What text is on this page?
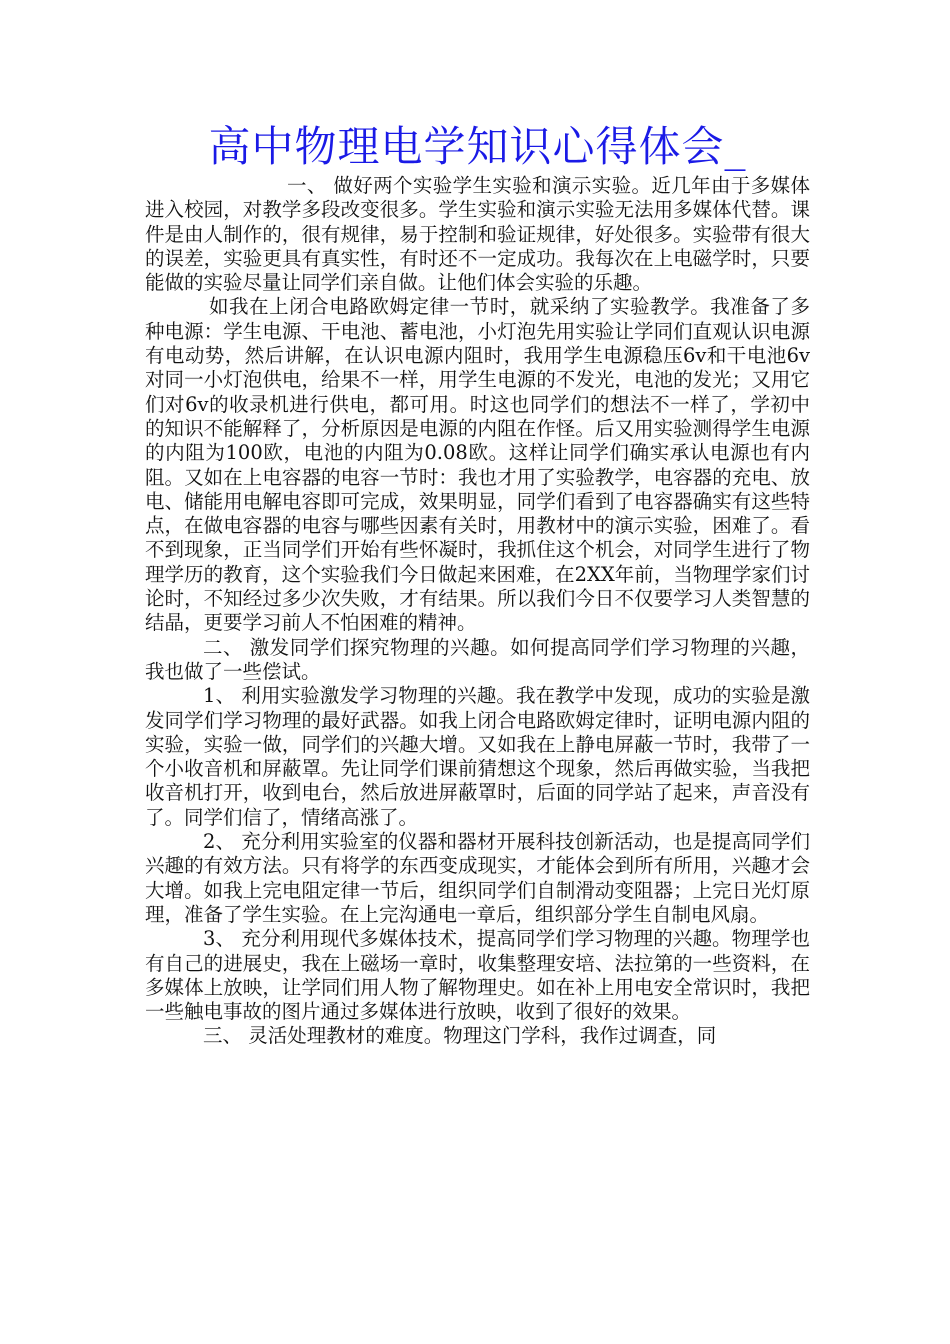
高中物理电学知识心得体会_

一、 做好两个实验学生实验和演示实验。近几年由于多媒体进入校园，对教学多段改变很多。学生实验和演示实验无法用多媒体代替。课件是由人制作的，很有规律，易于控制和验证规律，好处很多。实验带有很大的误差，实验更具有真实性，有时还不一定成功。我每次在上电磁学时，只要能做的实验尽量让同学们亲自做。让他们体会实验的乐趣。

如我在上闭合电路欧姆定律一节时，就采纳了实验教学。我准备了多种电源：学生电源、干电池、蓄电池，小灯泡先用实验让学同们直观认识电源有电动势，然后讲解，在认识电源内阻时，我用学生电源稳压6v和干电池6v对同一小灯泡供电，给果不一样，用学生电源的不发光，电池的发光；又用它们对6v的收录机进行供电，都可用。时这也同学们的想法不一样了，学初中的知识不能解释了，分析原因是电源的内阻在作怪。后又用实验测得学生电源的内阻为100欧，电池的内阻为0.08欧。这样让同学们确实承认电源也有内阻。又如在上电容器的电容一节时：我也才用了实验教学，电容器的充电、放电、储能用电解电容即可完成，效果明显，同学们看到了电容器确实有这些特点，在做电容器的电容与哪些因素有关时，用教材中的演示实验，困难了。看不到现象，正当同学们开始有些怀凝时，我抓住这个机会，对同学生进行了物理学历的教育，这个实验我们今日做起来困难，在2XX年前，当物理学家们讨论时，不知经过多少次失败，才有结果。所以我们今日不仅要学习人类智慧的结晶，更要学习前人不怕困难的精神。

二、 激发同学们探究物理的兴趣。如何提高同学们学习物理的兴趣，我也做了一些偿试。

1、 利用实验激发学习物理的兴趣。我在教学中发现，成功的实验是激发同学们学习物理的最好武器。如我上闭合电路欧姆定律时，证明电源内阻的实验，实验一做，同学们的兴趣大增。又如我在上静电屏蔽一节时，我带了一个小收音机和屏蔽罩。先让同学们课前猜想这个现象，然后再做实验，当我把收音机打开，收到电台，然后放进屏蔽罩时，后面的同学站了起来，声音没有了。同学们信了，情绪高涨了。

2、 充分利用实验室的仪器和器材开展科技创新活动，也是提高同学们兴趣的有效方法。只有将学的东西变成现实，才能体会到所有所用，兴趣才会大增。如我上完电阻定律一节后，组织同学们自制滑动变阻器；上完日光灯原理，准备了学生实验。在上完沟通电一章后，组织部分学生自制电风扇。

3、 充分利用现代多媒体技术，提高同学们学习物理的兴趣。物理学也有自己的进展史，我在上磁场一章时，收集整理安培、法拉第的一些资料，在多媒体上放映，让学同们用人物了解物理史。如在补上用电安全常识时，我把一些触电事故的图片通过多媒体进行放映，收到了很好的效果。

三、 灵活处理教材的难度。物理这门学科，我作过调查，同
